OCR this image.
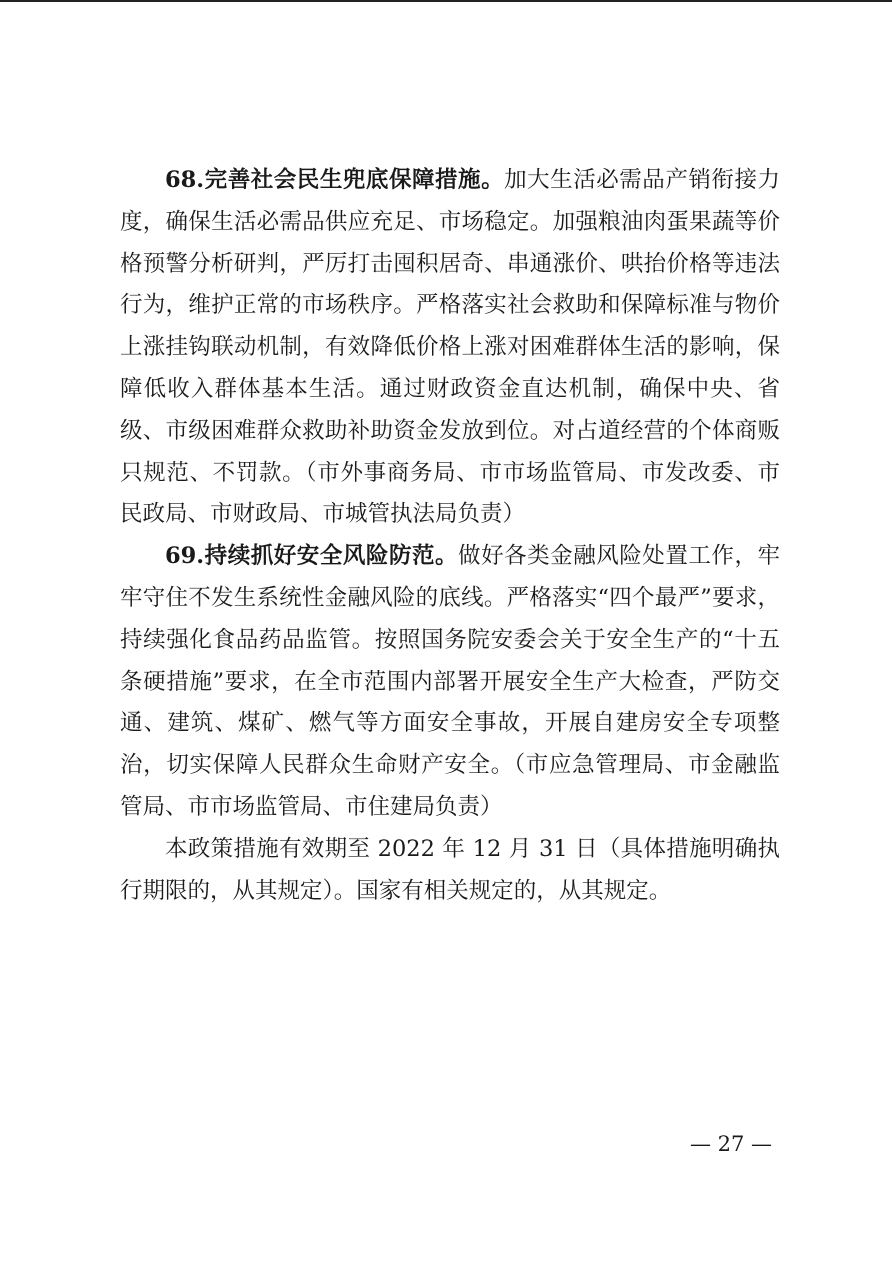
68.完善社会民生兜底保障措施。加大生活必需品产销衔接力度，确保生活必需品供应充足、市场稳定。加强粮油肉蛋果蔬等价格预警分析研判，严厉打击囤积居奇、串通涨价、哄抬价格等违法行为，维护正常的市场秩序。严格落实社会救助和保障标准与物价上涨挂钩联动机制，有效降低价格上涨对困难群体生活的影响，保障低收入群体基本生活。通过财政资金直达机制，确保中央、省级、市级困难群众救助补助资金发放到位。对占道经营的个体商贩只规范、不罚款。（市外事商务局、市市场监管局、市发改委、市民政局、市财政局、市城管执法局负责）

69.持续抓好安全风险防范。做好各类金融风险处置工作，牢牢守住不发生系统性金融风险的底线。严格落实“四个最严”要求，持续强化食品药品监管。按照国务院安委会关于安全生产的“十五条硬措施”要求，在全市范围内部署开展安全生产大检查，严防交通、建筑、煤矿、燃气等方面安全事故，开展自建房安全专项整治，切实保障人民群众生命财产安全。（市应急管理局、市金融监管局、市市场监管局、市住建局负责）

本政策措施有效期至 2022 年 12 月 31 日（具体措施明确执行期限的，从其规定）。国家有相关规定的，从其规定。

— 27 —
